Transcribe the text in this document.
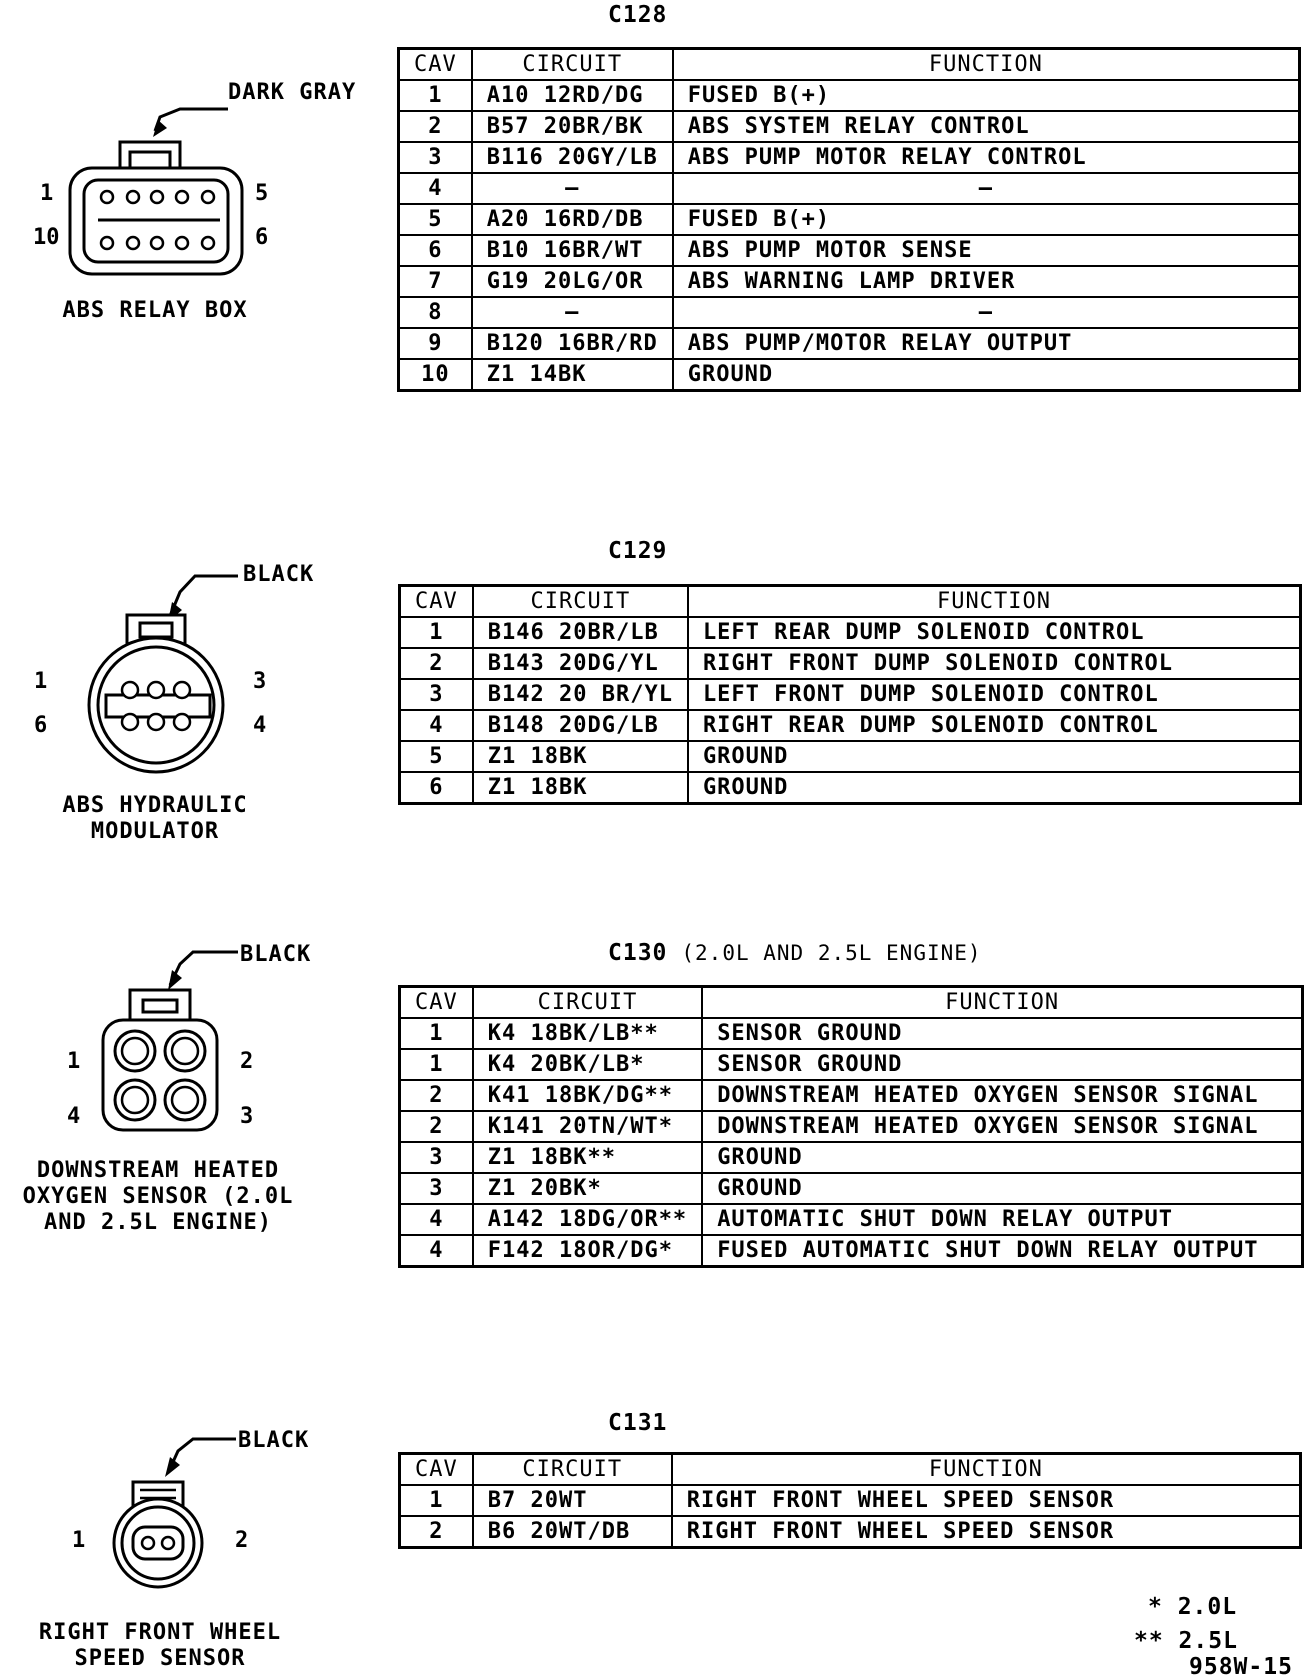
C128
CAV	CIRCUIT	FUNCTION
1	A10 12RD/DG	FUSED B(+)
2	B57 20BR/BK	ABS SYSTEM RELAY CONTROL
3	B116 20GY/LB	ABS PUMP MOTOR RELAY CONTROL
4	–	–
5	A20 16RD/DB	FUSED B(+)
6	B10 16BR/WT	ABS PUMP MOTOR SENSE
7	G19 20LG/OR	ABS WARNING LAMP DRIVER
8	–	–
9	B120 16BR/RD	ABS PUMP/MOTOR RELAY OUTPUT
10	Z1 14BK	GROUND
DARK GRAY
1	5
10	6
ABS RELAY BOX
C129
CAV	CIRCUIT	FUNCTION
1	B146 20BR/LB	LEFT REAR DUMP SOLENOID CONTROL
2	B143 20DG/YL	RIGHT FRONT DUMP SOLENOID CONTROL
3	B142 20 BR/YL	LEFT FRONT DUMP SOLENOID CONTROL
4	B148 20DG/LB	RIGHT REAR DUMP SOLENOID CONTROL
5	Z1 18BK	GROUND
6	Z1 18BK	GROUND
BLACK
1	3
6	4
ABS HYDRAULIC MODULATOR
C130 (2.0L AND 2.5L ENGINE)
CAV	CIRCUIT	FUNCTION
1	K4 18BK/LB**	SENSOR GROUND
1	K4 20BK/LB*	SENSOR GROUND
2	K41 18BK/DG**	DOWNSTREAM HEATED OXYGEN SENSOR SIGNAL
2	K141 20TN/WT*	DOWNSTREAM HEATED OXYGEN SENSOR SIGNAL
3	Z1 18BK**	GROUND
3	Z1 20BK*	GROUND
4	A142 18DG/OR**	AUTOMATIC SHUT DOWN RELAY OUTPUT
4	F142 18OR/DG*	FUSED AUTOMATIC SHUT DOWN RELAY OUTPUT
BLACK
1	2
4	3
DOWNSTREAM HEATED OXYGEN SENSOR (2.0L AND 2.5L ENGINE)
C131
CAV	CIRCUIT	FUNCTION
1	B7 20WT	RIGHT FRONT WHEEL SPEED SENSOR
2	B6 20WT/DB	RIGHT FRONT WHEEL SPEED SENSOR
BLACK
1	2
RIGHT FRONT WHEEL SPEED SENSOR
* 2.0L
** 2.5L
958W-15
